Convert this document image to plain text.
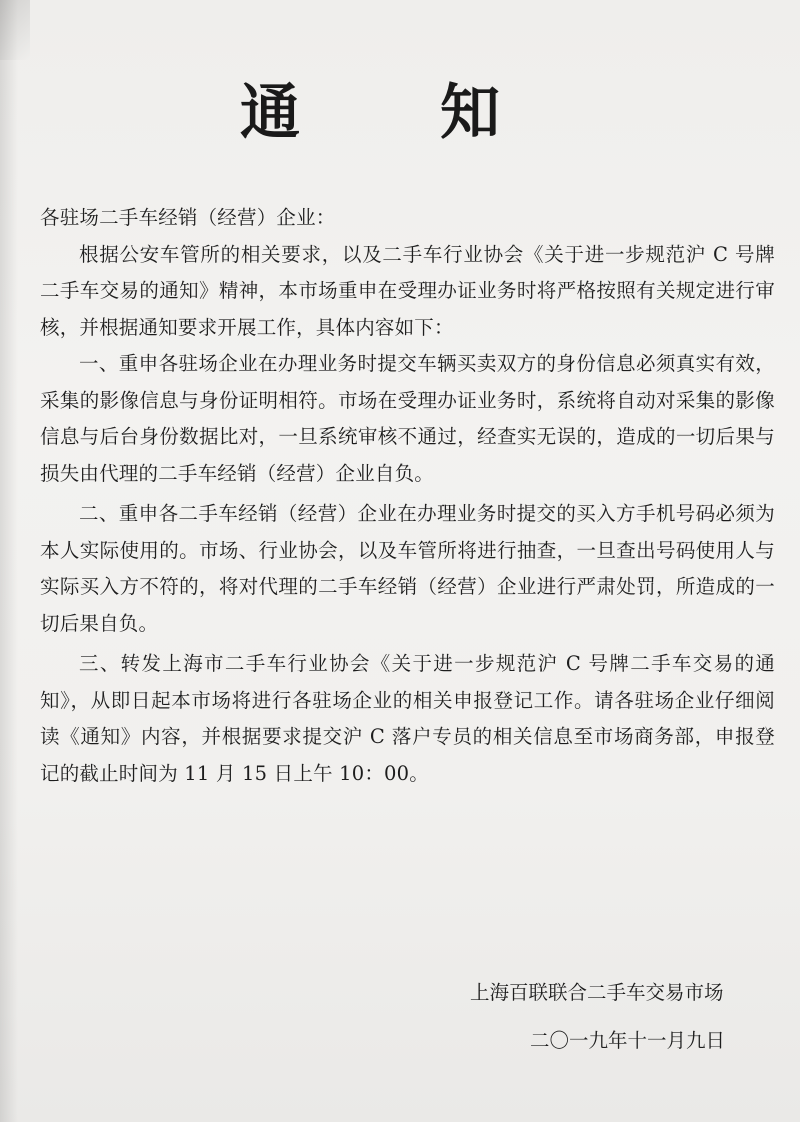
通 知

各驻场二手车经销（经营）企业：

根据公安车管所的相关要求，以及二手车行业协会《关于进一步规范沪 C 号牌二手车交易的通知》精神，本市场重申在受理办证业务时将严格按照有关规定进行审核，并根据通知要求开展工作，具体内容如下：

一、重申各驻场企业在办理业务时提交车辆买卖双方的身份信息必须真实有效，采集的影像信息与身份证明相符。市场在受理办证业务时，系统将自动对采集的影像信息与后台身份数据比对，一旦系统审核不通过，经查实无误的，造成的一切后果与损失由代理的二手车经销（经营）企业自负。

二、重申各二手车经销（经营）企业在办理业务时提交的买入方手机号码必须为本人实际使用的。市场、行业协会，以及车管所将进行抽查，一旦查出号码使用人与实际买入方不符的，将对代理的二手车经销（经营）企业进行严肃处罚，所造成的一切后果自负。

三、转发上海市二手车行业协会《关于进一步规范沪 C 号牌二手车交易的通知》，从即日起本市场将进行各驻场企业的相关申报登记工作。请各驻场企业仔细阅读《通知》内容，并根据要求提交沪 C 落户专员的相关信息至市场商务部，申报登记的截止时间为 11 月 15 日上午 10：00。

上海百联联合二手车交易市场
二〇一九年十一月九日
